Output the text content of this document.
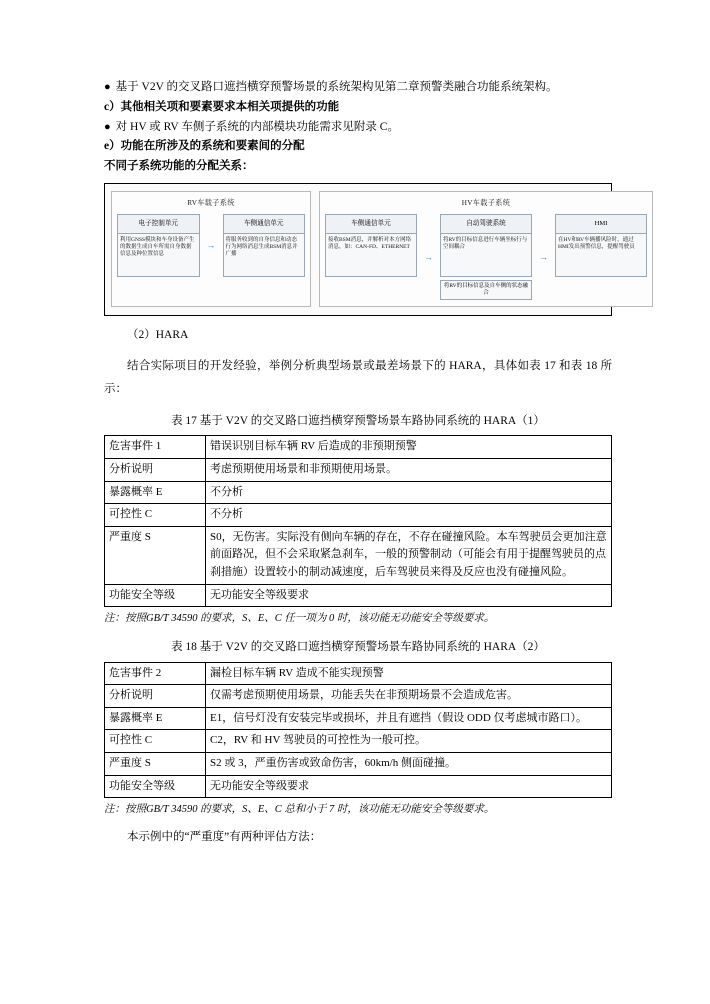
● 基于 V2V 的交叉路口遮挡横穿预警场景的系统架构见第二章预警类融合功能系统架构。
c）其他相关项和要素要求本相关项提供的功能
● 对 HV 或 RV 车侧子系统的内部模块功能需求见附录 C。
e）功能在所涉及的系统和要素间的分配
不同子系统功能的分配关系：
RV车载子系统
电子控制单元
利用GNSS模块和车身设备产生的数据生成自车所需自身数据信息及种位置信息
→
车侧通信单元
将服务收到的自身信息和动态行为网络消息生成BSM消息并广播
HV车载子系统
车侧通信单元
接收BSM消息，并解析对本方网络消息，如：CAN-FD、ETHERNET
→
自动驾驶系统
将RV的目标信息进行车辆坐标行与空间耦合
将RV的目标信息及自车侧的状态融合
→
HMI
在HV和RV车辆播风险时，通过HMI发出预警信息，提醒驾驶员
（2）HARA
结合实际项目的开发经验，举例分析典型场景或最差场景下的 HARA，具体如表 17 和表 18 所示：
表 17 基于 V2V 的交叉路口遮挡横穿预警场景车路协同系统的 HARA（1）
危害事件 1	错误识别目标车辆 RV 后造成的非预期预警
分析说明	考虑预期使用场景和非预期使用场景。
暴露概率 E	不分析
可控性 C	不分析
严重度 S	S0，无伤害。实际没有侧向车辆的存在，不存在碰撞风险。本车驾驶员会更加注意前面路况，但不会采取紧急刹车，一般的预警制动（可能会有用于提醒驾驶员的点刹措施）设置较小的制动减速度，后车驾驶员来得及反应也没有碰撞风险。
功能安全等级	无功能安全等级要求
注：按照GB/T 34590 的要求，S、E、C 任一项为 0 时，该功能无功能安全等级要求。
表 18 基于 V2V 的交叉路口遮挡横穿预警场景车路协同系统的 HARA（2）
危害事件 2	漏检目标车辆 RV 造成不能实现预警
分析说明	仅需考虑预期使用场景，功能丢失在非预期场景不会造成危害。
暴露概率 E	E1，信号灯没有安装完毕或损坏，并且有遮挡（假设 ODD 仅考虑城市路口）。
可控性 C	C2，RV 和 HV 驾驶员的可控性为一般可控。
严重度 S	S2 或 3，严重伤害或致命伤害，60km/h 侧面碰撞。
功能安全等级	无功能安全等级要求
注：按照GB/T 34590 的要求，S、E、C 总和小于 7 时，该功能无功能安全等级要求。
本示例中的“严重度”有两种评估方法：
